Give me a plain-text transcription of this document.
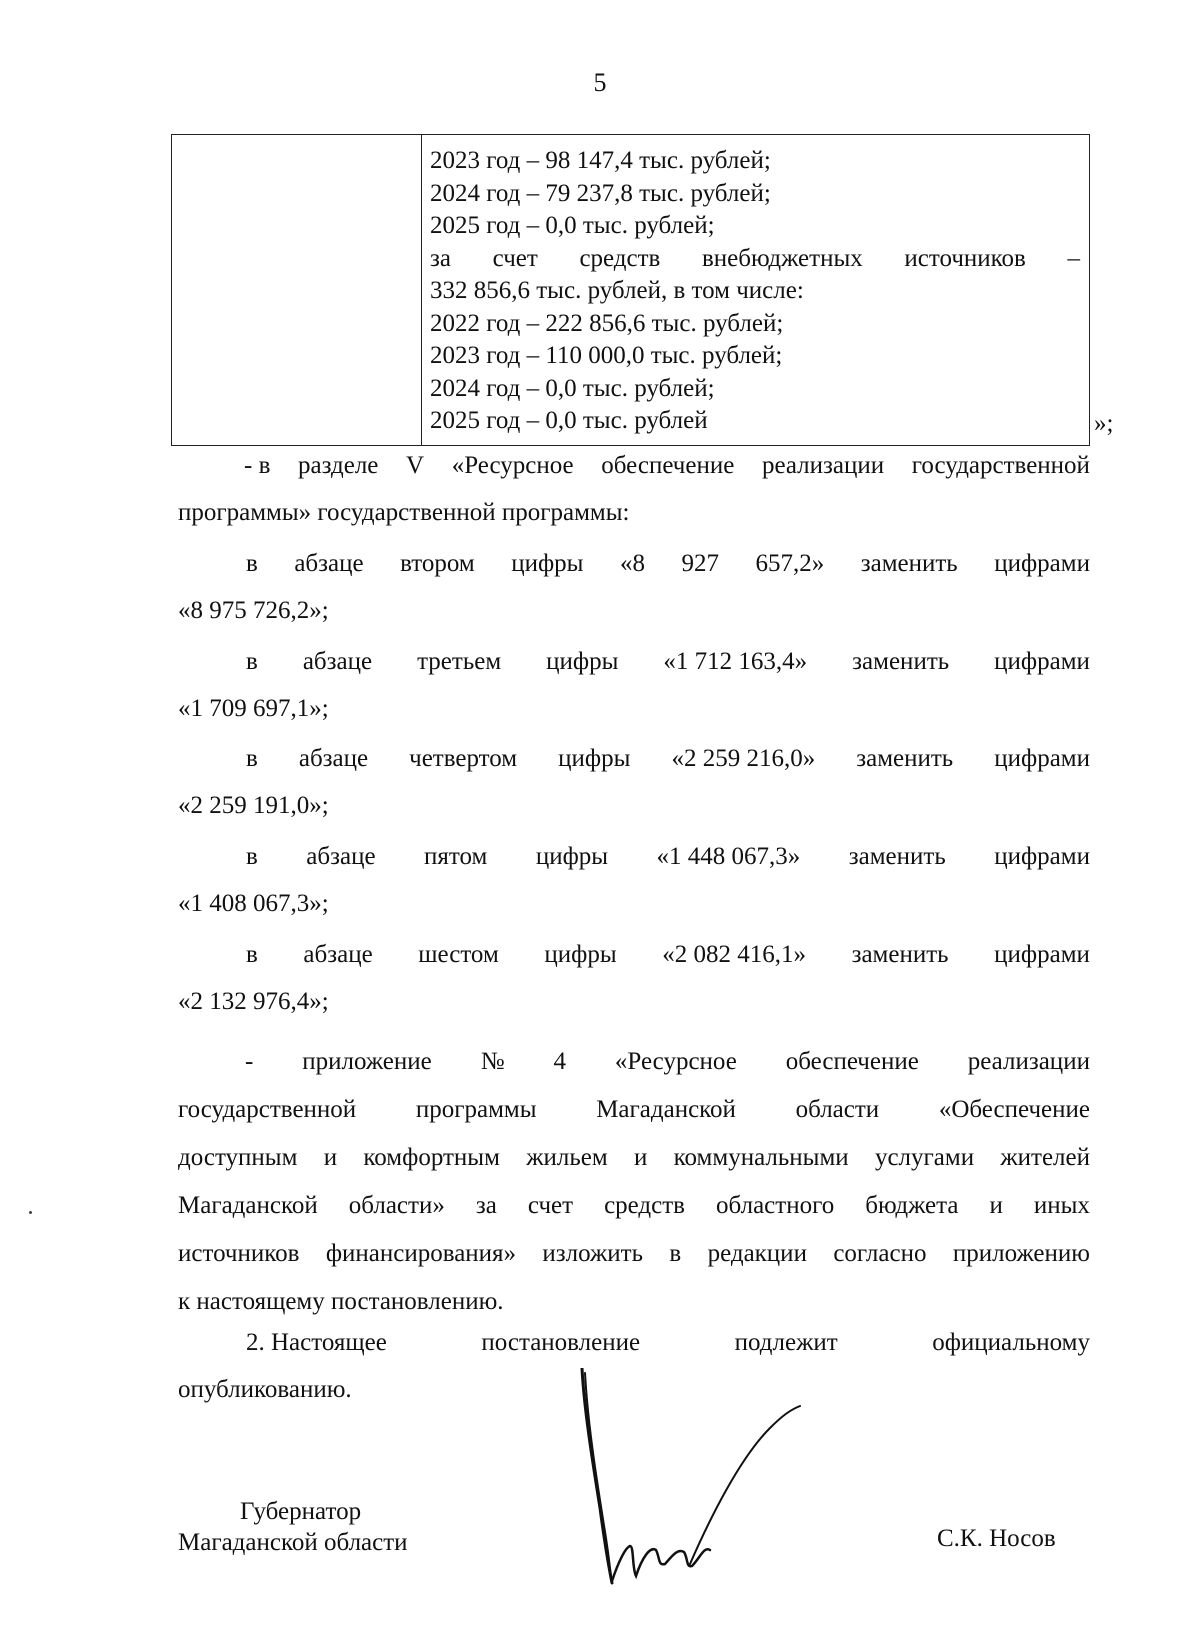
5
2023 год – 98 147,4 тыс. рублей;
2024 год – 79 237,8 тыс. рублей;
2025 год – 0,0 тыс. рублей;
за счет средств внебюджетных источников –
332 856,6 тыс. рублей, в том числе:
2022 год – 222 856,6 тыс. рублей;
2023 год – 110 000,0 тыс. рублей;
2024 год – 0,0 тыс. рублей;
2025 год – 0,0 тыс. рублей	»;
- в разделе V «Ресурсное обеспечение реализации государственной
программы» государственной программы:
в абзаце втором цифры «8 927 657,2» заменить цифрами
«8 975 726,2»;
в абзаце третьем цифры «1 712 163,4» заменить цифрами
«1 709 697,1»;
в абзаце четвертом цифры «2 259 216,0» заменить цифрами
«2 259 191,0»;
в абзаце пятом цифры «1 448 067,3» заменить цифрами
«1 408 067,3»;
в абзаце шестом цифры «2 082 416,1» заменить цифрами
«2 132 976,4»;
- приложение № 4 «Ресурсное обеспечение реализации
государственной программы Магаданской области «Обеспечение
доступным и комфортным жильем и коммунальными услугами жителей
Магаданской области» за счет средств областного бюджета и иных
источников финансирования» изложить в редакции согласно приложению
к настоящему постановлению.
2. Настоящее	постановление	подлежит	официальному
опубликованию.
Губернатор
Магаданской области	С.К. Носов
